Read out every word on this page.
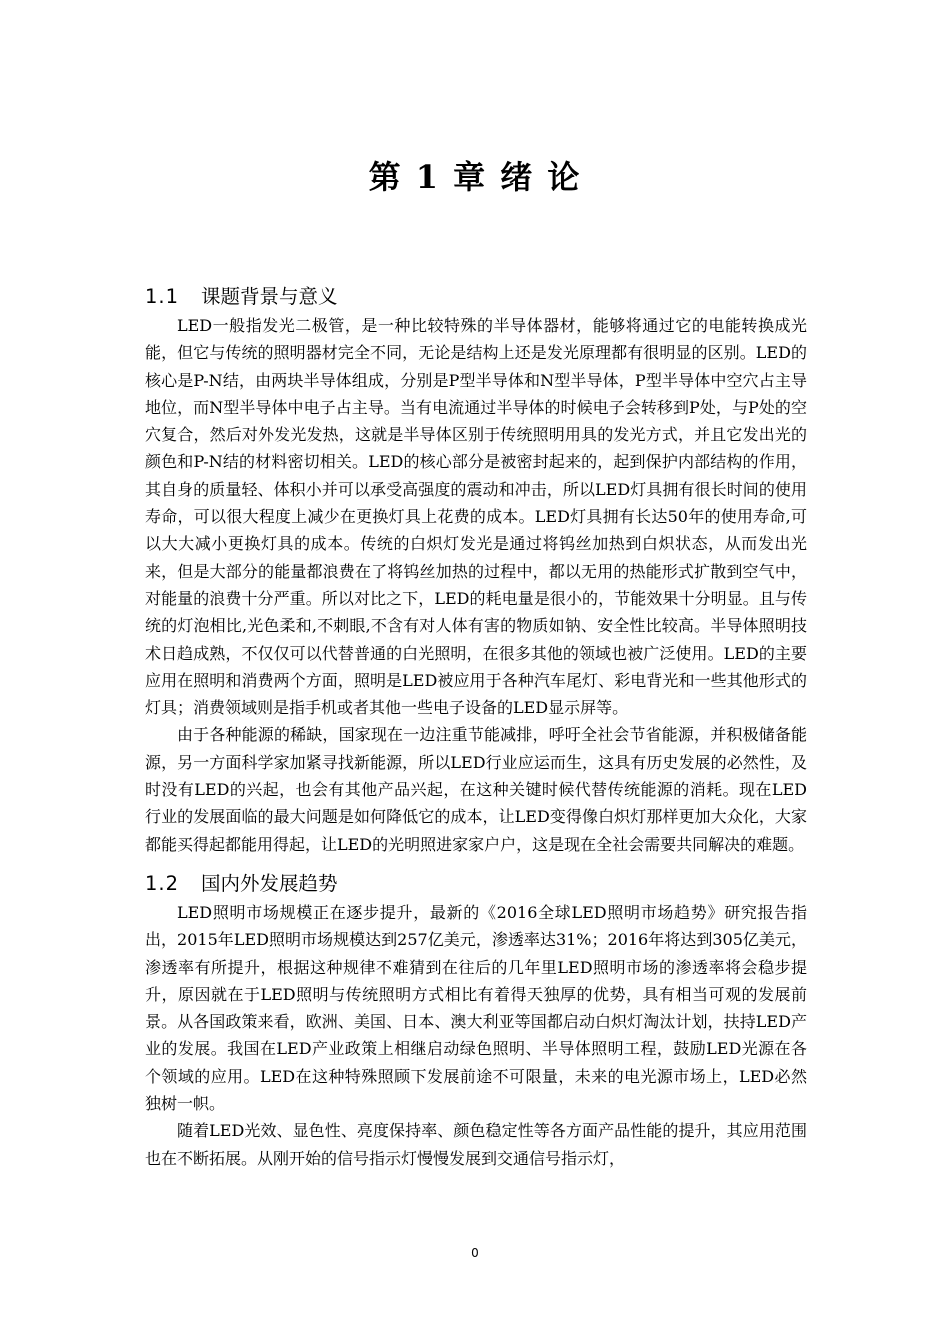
第 1 章 绪 论
1.1 课题背景与意义

LED一般指发光二极管，是一种比较特殊的半导体器材，能够将通过它的电能转换成光能，但它与传统的照明器材完全不同，无论是结构上还是发光原理都有很明显的区别。LED的核心是P-N结，由两块半导体组成，分别是P型半导体和N型半导体，P型半导体中空穴占主导地位，而N型半导体中电子占主导。当有电流通过半导体的时候电子会转移到P处，与P处的空穴复合，然后对外发光发热，这就是半导体区别于传统照明用具的发光方式，并且它发出光的颜色和P-N结的材料密切相关。LED的核心部分是被密封起来的，起到保护内部结构的作用，其自身的质量轻、体积小并可以承受高强度的震动和冲击，所以LED灯具拥有很长时间的使用寿命，可以很大程度上减少在更换灯具上花费的成本。LED灯具拥有长达50年的使用寿命,可以大大减小更换灯具的成本。传统的白炽灯发光是通过将钨丝加热到白炽状态，从而发出光来，但是大部分的能量都浪费在了将钨丝加热的过程中，都以无用的热能形式扩散到空气中，对能量的浪费十分严重。所以对比之下，LED的耗电量是很小的，节能效果十分明显。且与传统的灯泡相比,光色柔和,不刺眼,不含有对人体有害的物质如钠、安全性比较高。半导体照明技术日趋成熟，不仅仅可以代替普通的白光照明，在很多其他的领域也被广泛使用。LED的主要应用在照明和消费两个方面，照明是LED被应用于各种汽车尾灯、彩电背光和一些其他形式的灯具；消费领域则是指手机或者其他一些电子设备的LED显示屏等。

由于各种能源的稀缺，国家现在一边注重节能减排，呼吁全社会节省能源，并积极储备能源，另一方面科学家加紧寻找新能源，所以LED行业应运而生，这具有历史发展的必然性，及时没有LED的兴起，也会有其他产品兴起，在这种关键时候代替传统能源的消耗。现在LED行业的发展面临的最大问题是如何降低它的成本，让LED变得像白炽灯那样更加大众化，大家都能买得起都能用得起，让LED的光明照进家家户户，这是现在全社会需要共同解决的难题。

1.2 国内外发展趋势

LED照明市场规模正在逐步提升，最新的《2016全球LED照明市场趋势》研究报告指出，2015年LED照明市场规模达到257亿美元，渗透率达31%；2016年将达到305亿美元，渗透率有所提升，根据这种规律不难猜到在往后的几年里LED照明市场的渗透率将会稳步提升，原因就在于LED照明与传统照明方式相比有着得天独厚的优势，具有相当可观的发展前景。从各国政策来看，欧洲、美国、日本、澳大利亚等国都启动白炽灯淘汰计划，扶持LED产业的发展。我国在LED产业政策上相继启动绿色照明、半导体照明工程，鼓励LED光源在各个领域的应用。LED在这种特殊照顾下发展前途不可限量，未来的电光源市场上，LED必然独树一帜。

随着LED光效、显色性、亮度保持率、颜色稳定性等各方面产品性能的提升，其应用范围也在不断拓展。从刚开始的信号指示灯慢慢发展到交通信号指示灯，

0
